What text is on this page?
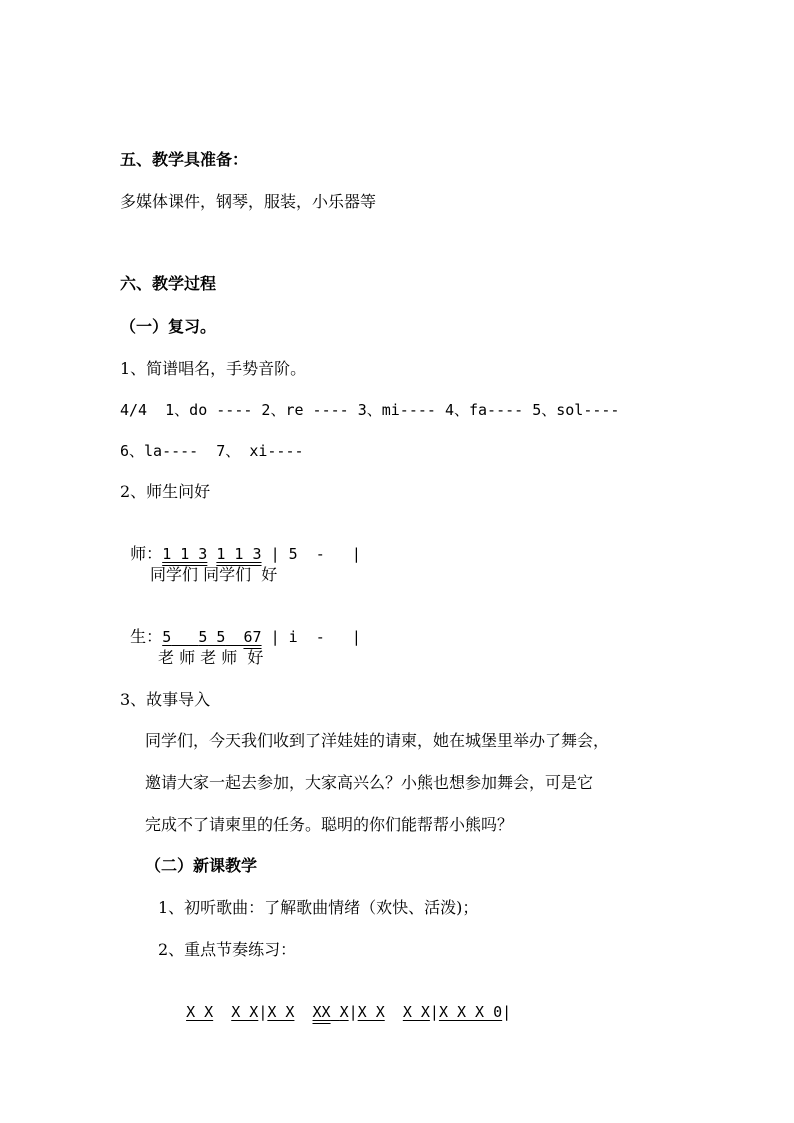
五、教学具准备：
多媒体课件，钢琴，服装，小乐器等
六、教学过程
（一）复习。
1、简谱唱名，手势音阶。
4/4  1、do ---- 2、re ---- 3、mi---- 4、fa---- 5、sol----
6、la----  7、 xi----
2、师生问好

师：1 1 3 1 1 3 | 5  -   |

同学们 同学们  好

生：5 5 5 67 | i  -   |

老 师 老 师  好
3、故事导入
同学们，今天我们收到了洋娃娃的请柬，她在城堡里举办了舞会，
邀请大家一起去参加，大家高兴么？小熊也想参加舞会，可是它
完成不了请柬里的任务。聪明的你们能帮帮小熊吗？
（二）新课教学
1、初听歌曲：了解歌曲情绪（欢快、活泼)；
2、重点节奏练习：

X X X X|X X XX X|X X X X|X X X 0|
